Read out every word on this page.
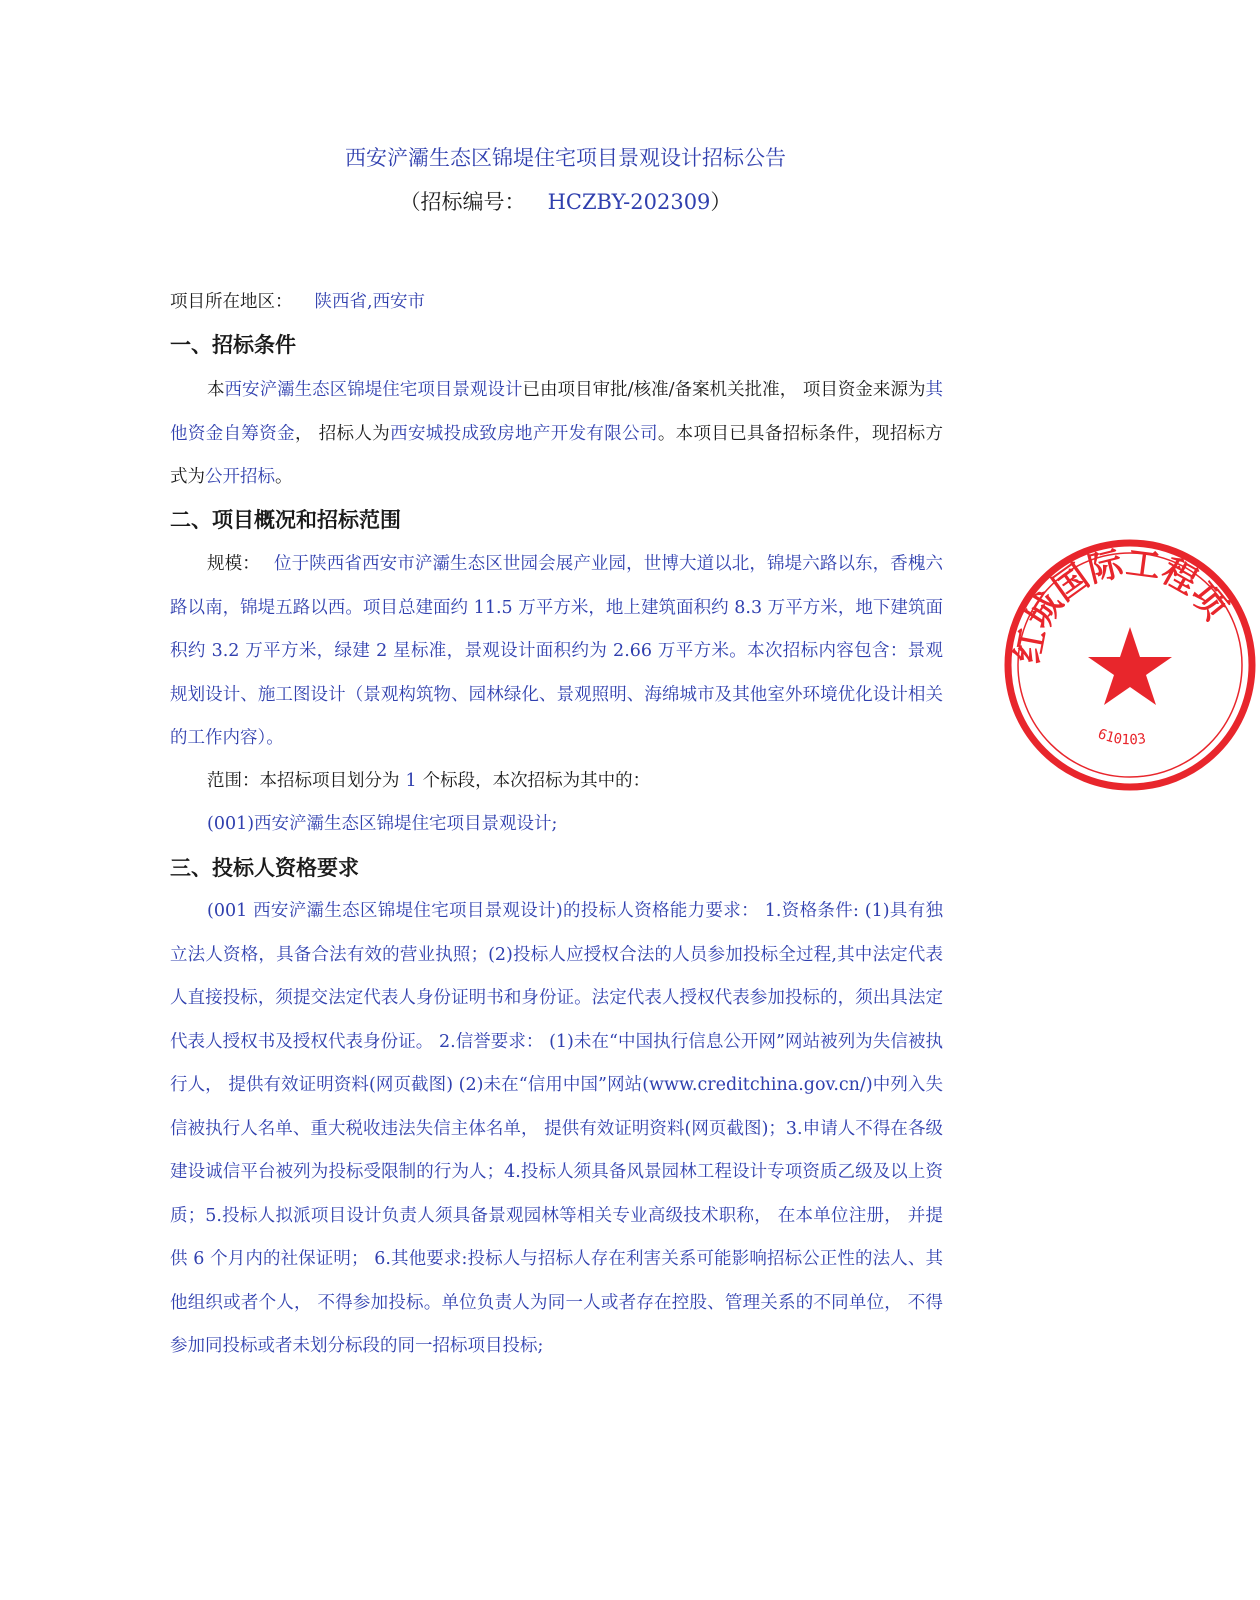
西安浐灞生态区锦堤住宅项目景观设计招标公告
（招标编号： HCZBY-202309）
项目所在地区： 陕西省,西安市
一、招标条件

本西安浐灞生态区锦堤住宅项目景观设计已由项目审批/核准/备案机关批准， 项目资金来源为其他资金自筹资金， 招标人为西安城投成致房地产开发有限公司。本项目已具备招标条件，现招标方式为公开招标。

二、项目概况和招标范围

规模： 位于陕西省西安市浐灞生态区世园会展产业园，世博大道以北，锦堤六路以东，香槐六路以南，锦堤五路以西。项目总建面约 11.5 万平方米，地上建筑面积约 8.3 万平方米，地下建筑面积约 3.2 万平方米，绿建 2 星标准，景观设计面积约为 2.66 万平方米。本次招标内容包含：景观规划设计、施工图设计（景观构筑物、园林绿化、景观照明、海绵城市及其他室外环境优化设计相关的工作内容）。

范围：本招标项目划分为 1 个标段，本次招标为其中的：

(001)西安浐灞生态区锦堤住宅项目景观设计;

三、投标人资格要求

(001 西安浐灞生态区锦堤住宅项目景观设计)的投标人资格能力要求： 1.资格条件: (1)具有独立法人资格，具备合法有效的营业执照；(2)投标人应授权合法的人员参加投标全过程,其中法定代表人直接投标，须提交法定代表人身份证明书和身份证。法定代表人授权代表参加投标的，须出具法定代表人授权书及授权代表身份证。 2.信誉要求： (1)未在“中国执行信息公开网”网站被列为失信被执行人， 提供有效证明资料(网页截图) (2)未在“信用中国”网站(www.creditchina.gov.cn/)中列入失信被执行人名单、重大税收违法失信主体名单， 提供有效证明资料(网页截图)；3.申请人不得在各级建设诚信平台被列为投标受限制的行为人；4.投标人须具备风景园林工程设计专项资质乙级及以上资质；5.投标人拟派项目设计负责人须具备景观园林等相关专业高级技术职称， 在本单位注册， 并提供 6 个月内的社保证明； 6.其他要求:投标人与招标人存在利害关系可能影响招标公正性的法人、其他组织或者个人， 不得参加投标。单位负责人为同一人或者存在控股、管理关系的不同单位， 不得参加同投标或者未划分标段的同一招标项目投标;

红城国际工程项
610103
